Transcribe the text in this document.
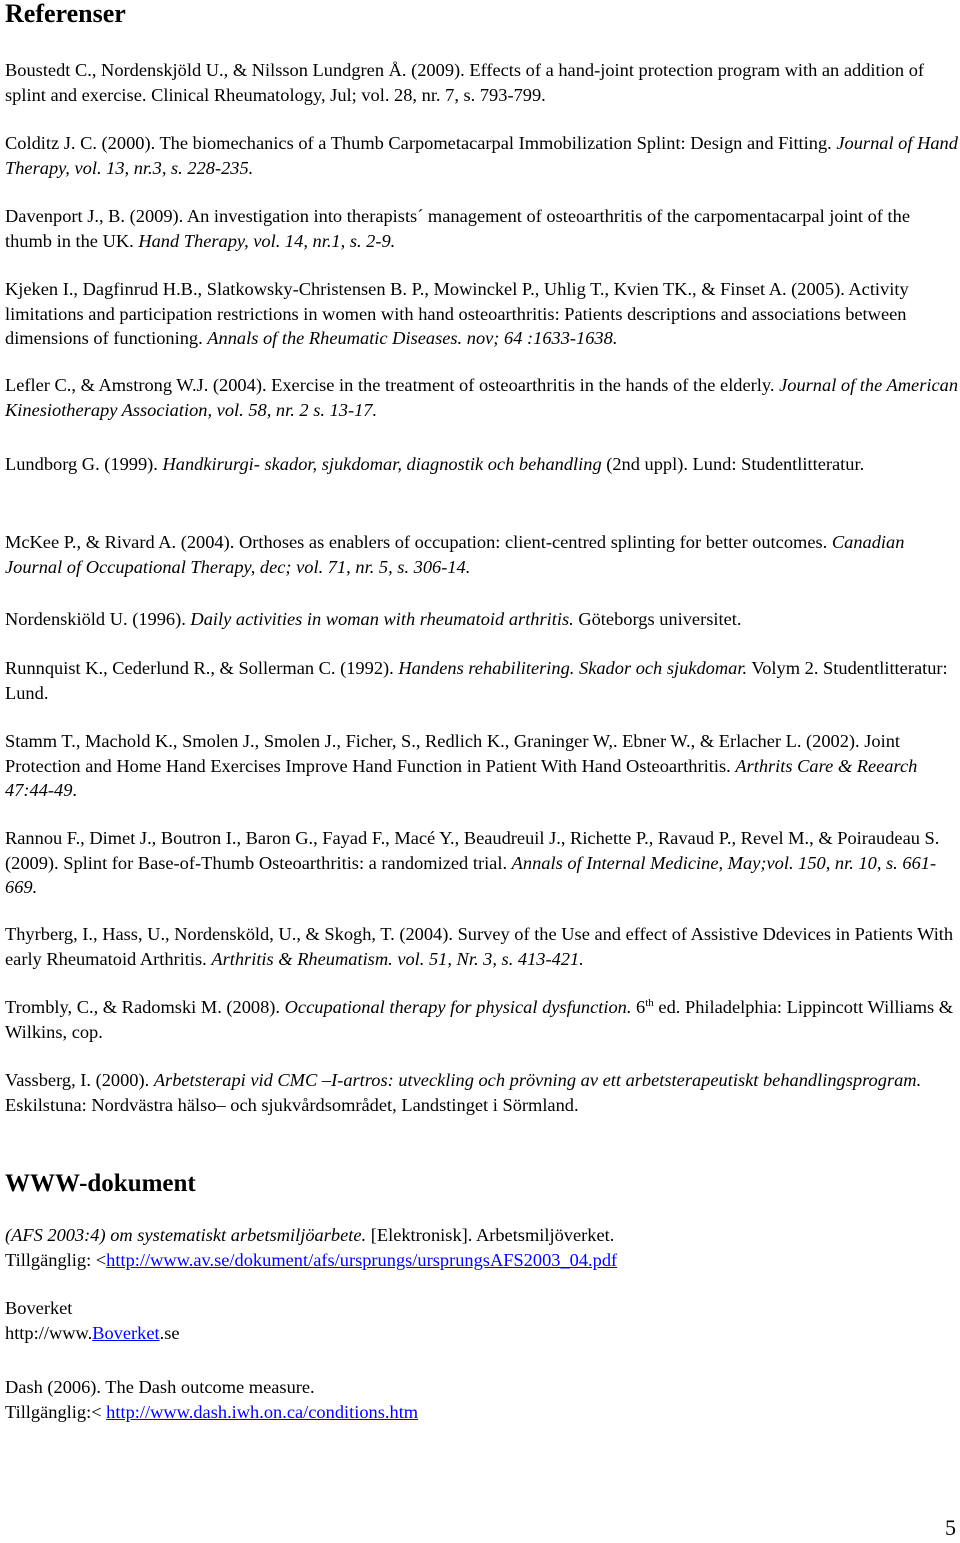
Referenser

Boustedt C., Nordenskjöld U., & Nilsson Lundgren Å. (2009). Effects of a hand-joint protection program with an addition of splint and exercise. Clinical Rheumatology, Jul; vol. 28, nr. 7, s. 793-799.

Colditz J. C. (2000). The biomechanics of a Thumb Carpometacarpal Immobilization Splint: Design and Fitting. Journal of Hand Therapy, vol. 13, nr.3, s. 228-235.

Davenport J., B. (2009). An investigation into therapists´ management of osteoarthritis of the carpomentacarpal joint of the thumb in the UK. Hand Therapy, vol. 14, nr.1, s. 2-9.

Kjeken I., Dagfinrud H.B., Slatkowsky-Christensen B. P., Mowinckel P., Uhlig T., Kvien TK., & Finset A. (2005). Activity limitations and participation restrictions in women with hand osteoarthritis: Patients descriptions and associations between dimensions of functioning. Annals of the Rheumatic Diseases. nov; 64 :1633-1638.

Lefler C., & Amstrong W.J. (2004). Exercise in the treatment of osteoarthritis in the hands of the elderly. Journal of the American Kinesiotherapy Association, vol. 58, nr. 2 s. 13-17.

Lundborg G. (1999). Handkirurgi- skador, sjukdomar, diagnostik och behandling (2nd uppl). Lund: Studentlitteratur.

McKee P., & Rivard A. (2004). Orthoses as enablers of occupation: client-centred splinting for better outcomes. Canadian Journal of Occupational Therapy, dec; vol. 71, nr. 5, s. 306-14.

Nordenskiöld U. (1996). Daily activities in woman with rheumatoid arthritis. Göteborgs universitet.

Runnquist K., Cederlund R., & Sollerman C. (1992). Handens rehabilitering. Skador och sjukdomar. Volym 2. Studentlitteratur: Lund.

Stamm T., Machold K., Smolen J., Smolen J., Ficher, S., Redlich K., Graninger W,. Ebner W., & Erlacher L. (2002). Joint Protection and Home Hand Exercises Improve Hand Function in Patient With Hand Osteoarthritis. Arthrits Care & Reearch 47:44-49.

Rannou F., Dimet J., Boutron I., Baron G., Fayad F., Macé Y., Beaudreuil J., Richette P., Ravaud P., Revel M., & Poiraudeau S. (2009). Splint for Base-of-Thumb Osteoarthritis: a randomized trial. Annals of Internal Medicine, May;vol. 150, nr. 10, s. 661-669.

Thyrberg, I., Hass, U., Nordensköld, U., & Skogh, T. (2004). Survey of the Use and effect of Assistive Ddevices in Patients With early Rheumatoid Arthritis. Arthritis & Rheumatism. vol. 51, Nr. 3, s. 413-421.

Trombly, C., & Radomski M. (2008). Occupational therapy for physical dysfunction. 6th ed. Philadelphia: Lippincott Williams & Wilkins, cop.

Vassberg, I. (2000). Arbetsterapi vid CMC –I-artros: utveckling och prövning av ett arbetsterapeutiskt behandlingsprogram. Eskilstuna: Nordvästra hälso– och sjukvårdsområdet, Landstinget i Sörmland.

WWW-dokument

(AFS 2003:4) om systematiskt arbetsmiljöarbete. [Elektronisk]. Arbetsmiljöverket.
Tillgänglig: <http://www.av.se/dokument/afs/ursprungs/ursprungsAFS2003_04.pdf

Boverket
http://www.Boverket.se

Dash (2006). The Dash outcome measure.
Tillgänglig:< http://www.dash.iwh.on.ca/conditions.htm

5
